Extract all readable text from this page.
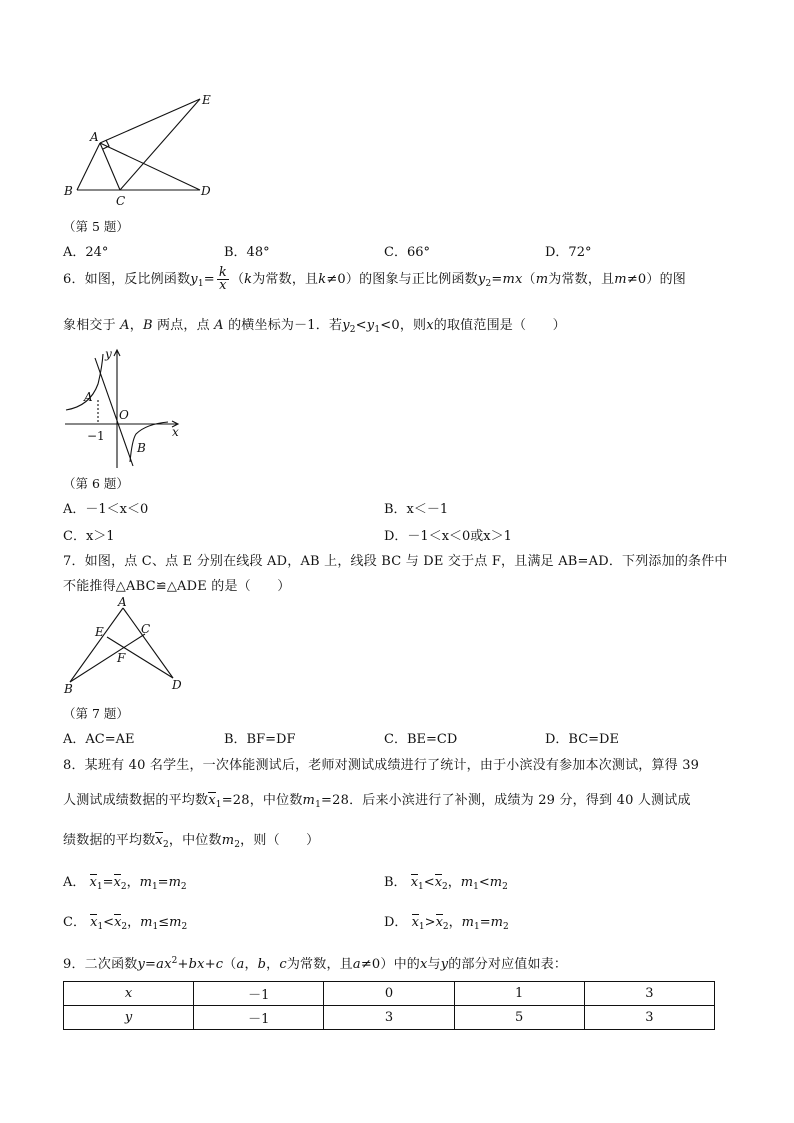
A
B
C
D
E
（第 5 题）
A．24°	B．48°	C．66°	D．72°
6．如图，反比例函数$y_1= \frac{k}{x} (k$为常数，且k≠0）的图象与正比例函数$y_2=mx(m$为常数，且m≠0）的图
象相交于 A，B 两点，点 A 的横坐标为－1．若$y_2<y_1<0$，则x的取值范围是（　　）
y
A
O
x
−1
B
（第 6 题）
A．－1＜x＜0	B．x＜－1
C．x＞1	D．－1＜x＜0或x＞1
7．如图，点 C、点 E 分别在线段 AD，AB 上，线段 BC 与 DE 交于点 F，且满足 AB=AD．下列添加的条件中
不能推得△ABC≌△ADE 的是（　　）
A
E	C
F
B	D
（第 7 题）
A．AC=AE	B．BF=DF	C．BE=CD	D．BC=DE
8．某班有 40 名学生，一次体能测试后，老师对测试成绩进行了统计，由于小滨没有参加本次测试，算得 39
人测试成绩数据的平均数$x_1=28$，中位数$m_1=28$．后来小滨进行了补测，成绩为 29 分，得到 40 人测试成
绩数据的平均数$x_2$，中位数$m_2$，则（　　）
A． $x_1=x_2$，$m_1=m_2$	B． $x_1<x_2$，$m_1<m_2$
C． $x_1<x_2$，$m_1\le m_2$	D． $x_1>x_2$，$m_1=m_2$
9．二次函数$y=ax^2+bx+c(a$，b，c为常数，且a≠0）中的x与y的部分对应值如表：
x	－1	0	1	3
y	－1	3	5	3
